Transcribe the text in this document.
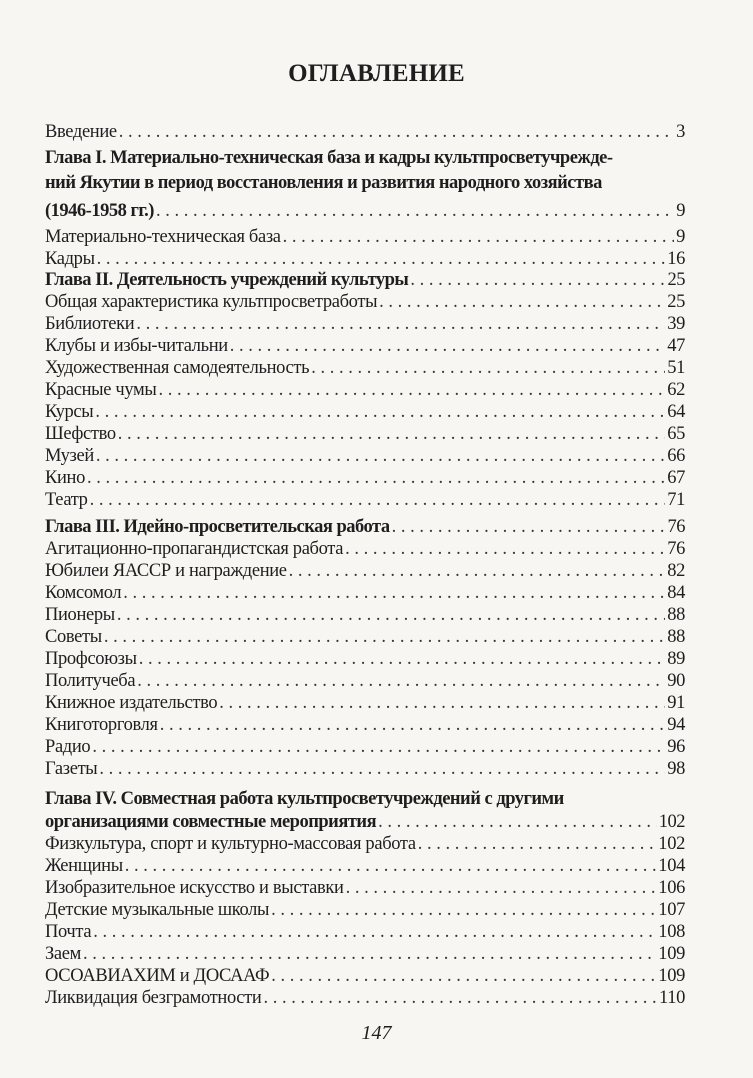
ОГЛАВЛЕНИЕ
Введение . . .	3
Глава I. Материально-техническая база и кадры культпросветучрежде-
ний Якутии в период восстановления и развития народного хозяйства
(1946-1958 гг.) . . .	9
Материально-техническая база . . .	9
Кадры . . .	16
Глава II. Деятельность учреждений культуры . . .	25
Общая характеристика культпросветработы . . .	25
Библиотеки . . .	39
Клубы и избы-читальни . . .	47
Художественная самодеятельность . . .	51
Красные чумы . . .	62
Курсы . . .	64
Шефство . . .	65
Музей . . .	66
Кино . . .	67
Театр . . .	71
Глава III. Идейно-просветительская работа . . .	76
Агитационно-пропагандистская работа . . .	76
Юбилеи ЯАССР и награждение . . .	82
Комсомол . . .	84
Пионеры . . .	88
Советы . . .	88
Профсоюзы . . .	89
Политучеба . . .	90
Книжное издательство . . .	91
Книготорговля . . .	94
Радио . . .	96
Газеты . . .	98
Глава IV. Совместная работа культпросветучреждений с другими
организациями совместные мероприятия . . .	102
Физкультура, спорт и культурно-массовая работа . . .	102
Женщины . . .	104
Изобразительное искусство и выставки . . .	106
Детские музыкальные школы . . .	107
Почта . . .	108
Заем . . .	109
ОСОАВИАХИМ и ДОСААФ . . .	109
Ликвидация безграмотности . . .	110
147
